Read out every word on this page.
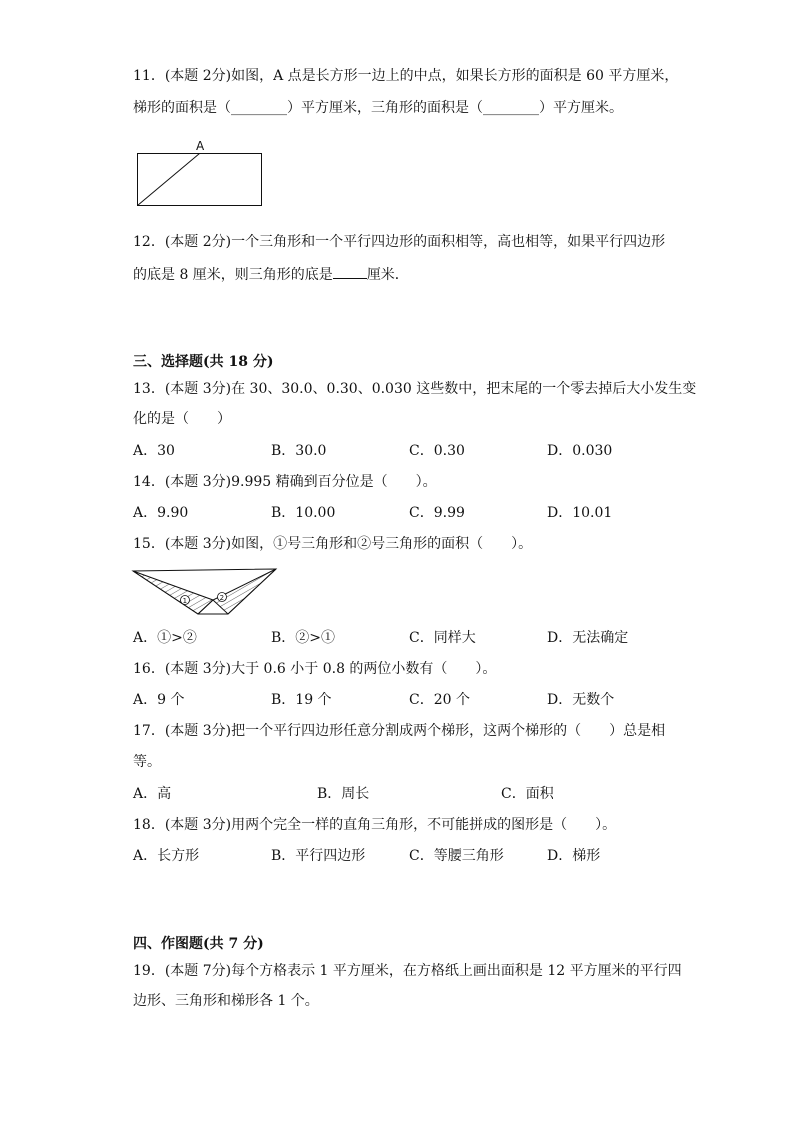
11．(本题 2分)如图，A 点是长方形一边上的中点，如果长方形的面积是 60 平方厘米，
梯形的面积是（________）平方厘米，三角形的面积是（________）平方厘米。
A
12．(本题 2分)一个三角形和一个平行四边形的面积相等，高也相等，如果平行四边形
的底是 8 厘米，则三角形的底是 厘米．
三、选择题(共 18 分)
13．(本题 3分)在 30、30.0、0.30、0.030 这些数中，把末尾的一个零去掉后大小发生变
化的是（　　）
A．30	B．30.0	C．0.30	D．0.030
14．(本题 3分)9.995 精确到百分位是（　　）。
A．9.90	B．10.00	C．9.99	D．10.01
15．(本题 3分)如图，①号三角形和②号三角形的面积（　　）。
1	2
A．①>②	B．②>①	C．同样大	D．无法确定
16．(本题 3分)大于 0.6 小于 0.8 的两位小数有（　　）。
A．9 个	B．19 个	C．20 个	D．无数个
17．(本题 3分)把一个平行四边形任意分割成两个梯形，这两个梯形的（　　）总是相
等。
A．高	B．周长	C．面积
18．(本题 3分)用两个完全一样的直角三角形，不可能拼成的图形是（　　）。
A．长方形	B．平行四边形	C．等腰三角形	D．梯形
四、作图题(共 7 分)
19．(本题 7分)每个方格表示 1 平方厘米，在方格纸上画出面积是 12 平方厘米的平行四
边形、三角形和梯形各 1 个。
